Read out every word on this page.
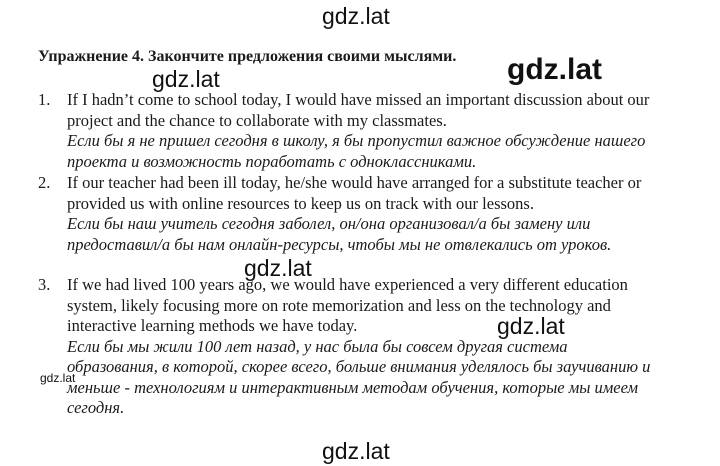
gdz.lat
gdz.lat
gdz.lat
gdz.lat
gdz.lat
gdz.lat
gdz.lat
Упражнение 4. Закончите предложения своими мыслями.
1.	If I hadn’t come to school today, I would have missed an important discussion about our project and the chance to collaborate with my classmates.
Если бы я не пришел сегодня в школу, я бы пропустил важное обсуждение нашего проекта и возможность поработать с одноклассниками.
2.	If our teacher had been ill today, he/she would have arranged for a substitute teacher or provided us with online resources to keep us on track with our lessons.
Если бы наш учитель сегодня заболел, он/она организовал/а бы замену или предоставил/а бы нам онлайн-ресурсы, чтобы мы не отвлекались от уроков.
3.	If we had lived 100 years ago, we would have experienced a very different education system, likely focusing more on rote memorization and less on the technology and interactive learning methods we have today.
Если бы мы жили 100 лет назад, у нас была бы совсем другая система образования, в которой, скорее всего, больше внимания уделялось бы заучиванию и меньше - технологиям и интерактивным методам обучения, которые мы имеем сегодня.
